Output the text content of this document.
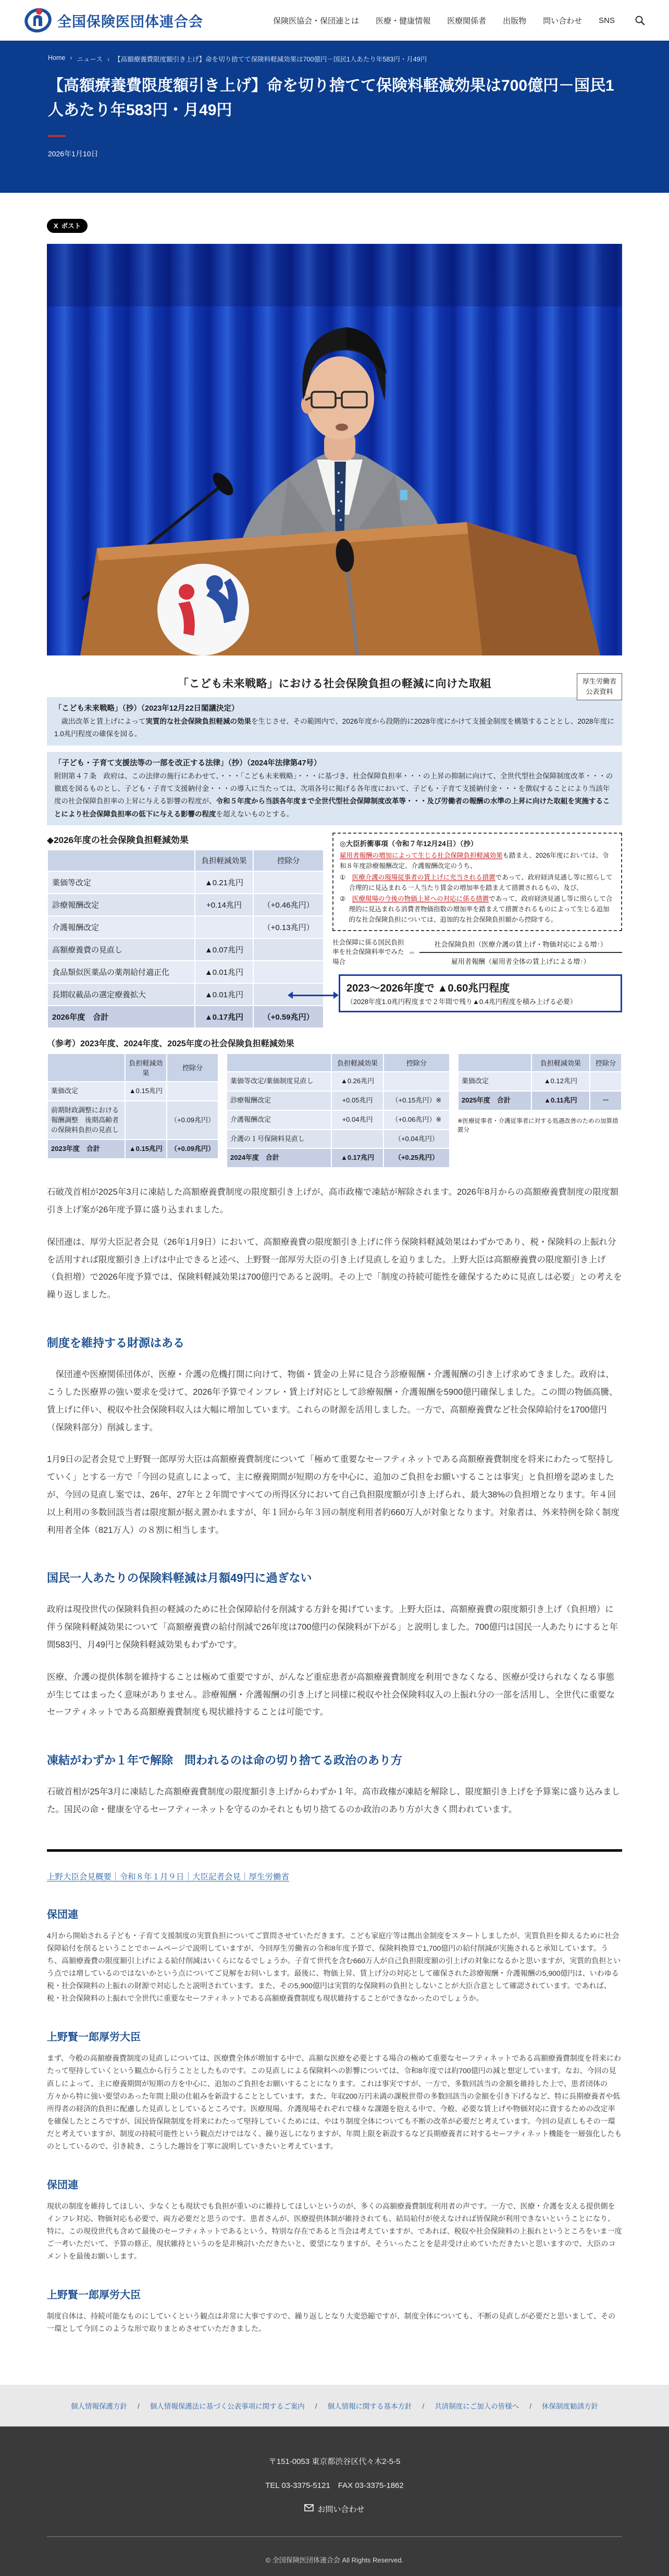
全国保険医団体連合会	保険医協会・保団連とは 医療・健康情報 医療関係者 出版物 問い合わせ SNS
Home ›	ニュース ›	【高額療養費限度額引き上げ】命を切り捨てて保険料軽減効果は700億円－国民1人あたり年583円・月49円
【高額療養費限度額引き上げ】命を切り捨てて保険料軽減効果は700億円－国民1人あたり年583円・月49円
2026年1月10日
X ポスト
厚生労働省
公表資料
「こども未来戦略」における社会保険負担の軽減に向けた取組
「こども未来戦略」（抄）（2023年12月22日閣議決定）
　歳出改革と賃上げによって実質的な社会保険負担軽減の効果を生じさせ、その範囲内で、2026年度から段階的に2028年度にかけて支援金制度を構築することとし、2028年度に1.0兆円程度の確保を図る。
「子ども・子育て支援法等の一部を改正する法律」（抄）（2024年法律第47号）
附則第４７条　政府は、この法律の施行にあわせて、・・・「こども未来戦略」・・・に基づき、社会保障負担率・・・の上昇の抑制に向けて、全世代型社会保障制度改革・・・の徹底を図るものとし、子ども・子育て支援納付金・・・の導入に当たっては、次項各号に掲げる各年度において、子ども・子育て支援納付金・・・を徴収することにより当該年度の社会保障負担率の上昇に与える影響の程度が、令和５年度から当該各年度まで全世代型社会保障制度改革等・・・及び労働者の報酬の水準の上昇に向けた取組を実施することにより社会保障負担率の低下に与える影響の程度を超えないものとする。
◆2026年度の社会保険負担軽減効果
	負担軽減効果	控除分
薬価等改定	▲0.21兆円	
診療報酬改定	+0.14兆円	（+0.46兆円）
介護報酬改定		（+0.13兆円）
高額療養費の見直し	▲0.07兆円	
食品類似医薬品の薬剤給付適正化	▲0.01兆円	
長期収載品の選定療養拡大	▲0.01兆円	
2026年度　合計	▲0.17兆円	（+0.59兆円）
◎大臣折衝事項（令和７年12月24日）（抄）
雇用者報酬の増加によって生じる社会保険負担軽減効果も踏まえ、2026年度においては、令和８年度診療報酬改定、介護報酬改定のうち、
①　 医療介護の現場従事者の賃上げに充当される措置であって、政府経済見通し等に照らして合理的に見込まれる一人当たり賃金の増加率を踏まえて措置されるもの、及び、
②　 医療現場の今後の物価上昇への対応に係る措置であって、政府経済見通し等に照らして合理的に見込まれる消費者物価指数の増加率を踏まえて措置されるものによって生じる追加的な社会保険負担については、追加的な社会保険負担額から控除する。
社会保障に係る国民負担率を社会保険料率でみた場合
＝ $\frac{\text{社会保険負担（医療介護の賃上げ・物価対応による増↑）}}{\text{雇用者報酬（雇用者全体の賃上げによる増↑）}}$
2023～2026年度で ▲0.60兆円程度
（2028年度1.0兆円程度まで２年間で残り▲0.4兆円程度を積み上げる必要）
（参考）2023年度、2024年度、2025年度の社会保険負担軽減効果
	負担軽減効果	控除分
薬価改定	▲0.15兆円	
前期財政調整における報酬調整　後期高齢者の保険料負担の見直し		（+0.09兆円）
2023年度　合計	▲0.15兆円	（+0.09兆円）
	負担軽減効果	控除分
薬価等改定/薬価制度見直し	▲0.26兆円	
診療報酬改定	+0.05兆円	（+0.15兆円）※
介護報酬改定	+0.04兆円	（+0.06兆円）※
介護の１号保険料見直し		（+0.04兆円）
2024年度　合計	▲0.17兆円	（+0.25兆円）
	負担軽減効果	控除分
薬価改定	▲0.12兆円	
2025年度　合計	▲0.11兆円	－
※医療従事者・介護従事者に対する処遇改善のための加算措置分

石破茂首相が2025年3月に凍結した高額療養費制度の限度額引き上げが、高市政権で凍結が解除されます。2026年8月からの高額療養費制度の限度額引き上げ案が26年度予算に盛り込まれました。

保団連は、厚労大臣記者会見（26年1月9日）において、高額療養費の限度額引き上げに伴う保険料軽減効果はわずかであり、税・保険料の上振れ分を活用すれば限度額引き上げは中止できると述べ、上野賢一郎厚労大臣の引き上げ見直しを迫りました。上野大臣は高額療養費の限度額引き上げ（負担増）で2026年度予算では、保険料軽減効果は700億円であると説明。その上で「制度の持続可能性を確保するために見直しは必要」との考えを繰り返しました。

制度を維持する財源はある

　保団連や医療関係団体が、医療・介護の危機打開に向けて、物価・賃金の上昇に見合う診療報酬・介護報酬の引き上げ求めてきました。政府は、こうした医療界の強い要求を受けて、2026年予算でインフレ・賃上げ対応として診療報酬・介護報酬を5900億円確保しました。この間の物価高騰、賃上げに伴い、税収や社会保険料収入は大幅に増加しています。これらの財源を活用しました。一方で、高額療養費など社会保障給付を1700億円（保険料部分）削減します。

1月9日の記者会見で上野賢一郎厚労大臣は高額療養費制度について「極めて重要なセーフティネットである高額療養費制度を将来にわたって堅持していく」とする一方で「今回の見直しによって、主に療養期間が短期の方を中心に、追加のご負担をお願いすることは事実」と負担増を認めましたが、今回の見直し案では、26年、27年と２年間ですべての所得区分において自己負担限度額が引き上げられ、最大38%の負担増となります。年４回以上利用の多数回該当者は限度額が据え置かれますが、年１回から年３回の制度利用者約660万人が対象となります。対象者は、外来特例を除く制度利用者全体（821万人）の８割に相当します。

国民一人あたりの保険料軽減は月額49円に過ぎない

政府は現役世代の保険料負担の軽減のために社会保障給付を削減する方針を掲げています。上野大臣は、高額療養費の限度額引き上げ（負担増）に伴う保険料軽減効果について「高額療養費の給付削減で26年度は700億円の保険料が下がる」と説明しました。700億円は国民一人あたりにすると年間583円、月49円と保険料軽減効果もわずかです。

医療、介護の提供体制を維持することは極めて重要ですが、がんなど重症患者が高額療養費制度を利用できなくなる、医療が受けられなくなる事態が生じてはまったく意味がありません。診療報酬・介護報酬の引き上げと同様に税収や社会保険料収入の上振れ分の一部を活用し、全世代に重要なセーフティネットである高額療養費制度も現状維持することは可能です。

凍結がわずか１年で解除　問われるのは命の切り捨てる政治のあり方

石破首相が25年3月に凍結した高額療養費制度の限度額引き上げからわずか１年。高市政権が凍結を解除し、限度額引き上げを予算案に盛り込みました。国民の命・健康を守るセーフティーネットを守るのかそれとも切り捨てるのか政治のあり方が大きく問われています。

上野大臣会見概要｜令和８年１月９日｜大臣記者会見｜厚生労働省
保団連

4月から開始される子ども・子育て支援制度の実質負担についてご質問させていただきます。こども家庭庁等は拠出金制度をスタートしましたが、実質負担を抑えるために社会保障給付を削るということでホームページで説明していますが、今回厚生労働省の令和8年度予算で、保険料換算で1,700億円の給付削減が実施されると承知しています。うち、高額療養費の限度額引上げによる給付削減はいくらになるでしょうか。子育て世代を含む660万人が自己負担限度額の引上げの対象になるかと思いますが、実質的負担という点では増しているのではないかという点についてご見解をお伺いします。最後に、物価上昇、賃上げ分の対応として確保された診療報酬・介護報酬の5,900億円は、いわゆる税・社会保険料の上振れの財源で対応したと説明されています。また、その5,900億円は実質的な保険料の負担としないことが大臣合意として確認されています。であれば、税・社会保険料の上振れで全世代に重要なセーフティネットである高額療養費制度も現状維持することができなかったのでしょうか。

上野賢一郎厚労大臣

まず、今般の高額療養費制度の見直しについては、医療費全体が増加する中で、高額な医療を必要とする場合の極めて重要なセーフティネットである高額療養費制度を将来にわたって堅持していくという観点から行うこととしたものです。この見直しによる保険料への影響については、令和8年度では約700億円の減と想定しています。なお、今回の見直しによって、主に療養期間が短期の方を中心に、追加のご負担をお願いすることになります。これは事実ですが、一方で、多数回該当の金額を維持した上で、患者団体の方々から特に強い要望のあった年間上限の仕組みを新設することとしています。また、年収200万円未満の課税世帯の多数回該当の金額を引き下げるなど、特に長期療養者や低所得者の経済的負担に配慮した見直しとしているところです。医療現場、介護現場それぞれで様々な課題を抱える中で、今般、必要な賃上げや物価対応に資するための改定率を確保したところですが、国民皆保険制度を将来にわたって堅持していくためには、やはり制度全体についても不断の改革が必要だと考えています。今回の見直しもその一環だと考えていますが、制度の持続可能性という観点だけではなく、繰り返しになりますが、年間上限を新設するなど長期療養者に対するセーフティネット機能を一層強化したものとしているので、引き続き、こうした趣旨を丁寧に説明していきたいと考えています。

保団連

現状の制度を維持してほしい、少なくとも現状でも負担が重いのに維持してほしいというのが、多くの高額療養費制度利用者の声です。一方で、医療・介護を支える提供側をインフレ対応、物価対応も必要で、両方必要だと思うのです。患者さんが、医療提供体制が維持されても、結局給付が使えなければ皆保険が利用できないということになり、特に、この現役世代も含めて最後のセーフティネットであるという、特別な存在であると当会は考えていますが、であれば、税収や社会保険料の上振れというところをいま一度ご一考いただいて、予算の修正、現状維持というのを是非検討いただきたいと、要望になりますが、そういったことを是非受け止めていただきたいと思いますので、大臣のコメントを最後お願いします。

上野賢一郎厚労大臣

制度自体は、持続可能なものにしていくという観点は非常に大事ですので、繰り返しとなり大変恐縮ですが、制度全体についても、不断の見直しが必要だと思いまして、その一環として今回このような形で取りまとめさせていただきました。

個人情報保護方針	/ 個人情報保護法に基づく公表事項に関するご案内	/ 個人情報に関する基本方針	/ 共済制度にご加入の皆様へ	/ 休保制度勧誘方針
〒151-0053 東京都渋谷区代々木2-5-5
TEL 03-3375-5121　FAX 03-3375-1862
お問い合わせ
© 全国保険医団体連合会 All Rights Reserved.
